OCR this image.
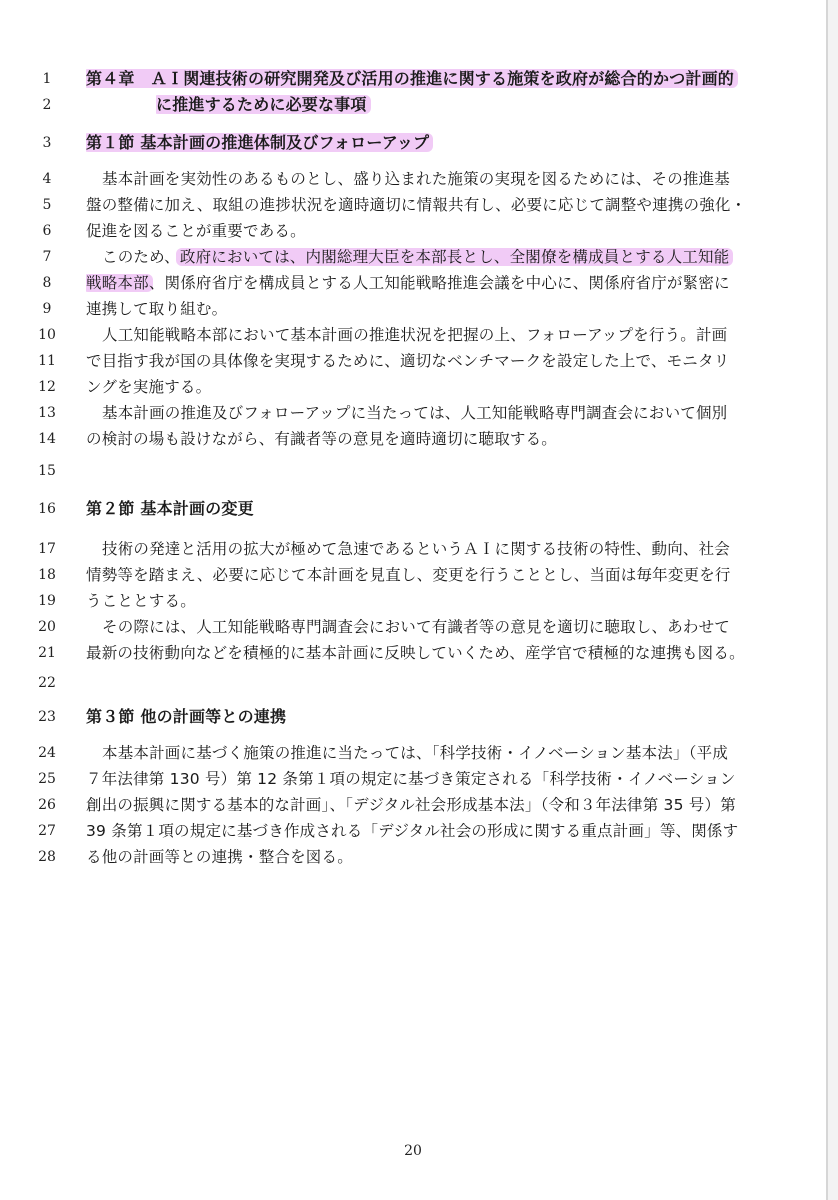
1	第４章　ＡＩ関連技術の研究開発及び活用の推進に関する施策を政府が総合的かつ計画的
2	に推進するために必要な事項
3	第１節 基本計画の推進体制及びフォローアップ
4	基本計画を実効性のあるものとし、盛り込まれた施策の実現を図るためには、その推進基
5	盤の整備に加え、取組の進捗状況を適時適切に情報共有し、必要に応じて調整や連携の強化・
6	促進を図ることが重要である。
7	このため、政府においては、内閣総理大臣を本部長とし、全閣僚を構成員とする人工知能
8	戦略本部、関係府省庁を構成員とする人工知能戦略推進会議を中心に、関係府省庁が緊密に
9	連携して取り組む。
10	人工知能戦略本部において基本計画の推進状況を把握の上、フォローアップを行う。計画
11 で目指す我が国の具体像を実現するために、適切なベンチマークを設定した上で、モニタリ
12 ングを実施する。
13	基本計画の推進及びフォローアップに当たっては、人工知能戦略専門調査会において個別
14 の検討の場も設けながら、有識者等の意見を適時適切に聴取する。
15
16 第２節 基本計画の変更
17	技術の発達と活用の拡大が極めて急速であるというＡＩに関する技術の特性、動向、社会
18 情勢等を踏まえ、必要に応じて本計画を見直し、変更を行うこととし、当面は毎年変更を行
19 うこととする。
20	その際には、人工知能戦略専門調査会において有識者等の意見を適切に聴取し、あわせて
21 最新の技術動向などを積極的に基本計画に反映していくため、産学官で積極的な連携も図る。
22
23 第３節 他の計画等との連携
24	本基本計画に基づく施策の推進に当たっては、「科学技術・イノベーション基本法」（平成
25 ７年法律第 130 号）第 12 条第１項の規定に基づき策定される「科学技術・イノベーション
26 創出の振興に関する基本的な計画」、「デジタル社会形成基本法」（令和３年法律第 35 号）第
27 39 条第１項の規定に基づき作成される「デジタル社会の形成に関する重点計画」等、関係す
28 る他の計画等との連携・整合を図る。
20
